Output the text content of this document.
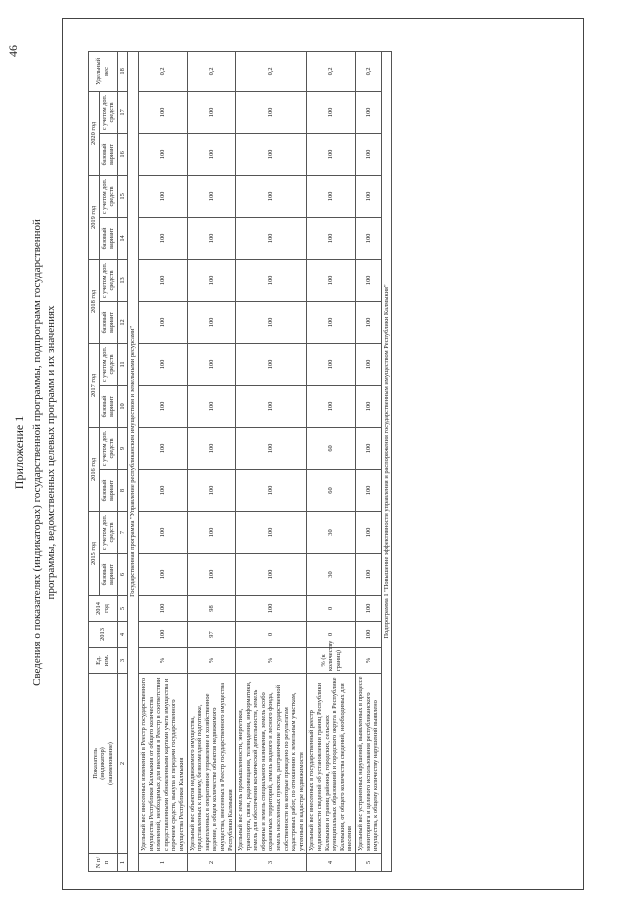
46
Приложение 1 Сведения о показателях (индикаторах) государственной программы, подпрограмм государственной программы, ведомственных целевых программ и их значениях
N п/п	Показатель (индикатор) (наименование)	Ед. изм.	2013	2014 год	2015 год		2016 год		2017 год		2018 год		2019 год		2020 год		Удельный вес
					базовый вариант	с учетом доп. средств	базовый вариант	с учетом доп. средств	базовый вариант	с учетом доп. средств	базовый вариант	с учетом доп. средств	базовый вариант	с учетом доп. средств	базовый вариант	с учетом доп. средств	
1	2	3	4	5	6	7	8	9	10	11	12	13	14	15	16	17	18
Государственная программа "Управление республиканским имуществом и земельными ресурсами"																	
1	Удельный вес внесенных изменений в Реестр государственного имущества Республики Калмыкия от общего количества изменений, необходимых для внесения в Реестр в соответствии с представленными обновленными картами учета имущества и перечнем средств, выкупа и передачи государственного имущества Республики Калмыкия	%	100	100	100	100	100	100	100	100	100	100	100	100	100	100	0,2
2	Удельный вес объектов недвижимого имущества, представленных к приему, безвозмездной подготовке, закрепленных в оперативное управление и хозяйственное ведение, в общем количестве объектов недвижимого имущества, внесенных в Реестр государственного имущества Республики Калмыкия	%	97	98	100	100	100	100	100	100	100	100	100	100	100	100	0,2
3	Удельный вес земель промышленности, энергетики, транспорта, связи, радиовещания, телевидения, информатики, земель для обеспечения космической деятельности, земель обороны и земель специального назначения, земель особо охраняемых территорий, земель водного и лесного фонда, земель населенных пунктов, разграничение государственной собственности на которые проведено по результатам кадастровых работ, по отношению к земельным участкам, учтенным в кадастре недвижимости	%	0	100	100	100	100	100	100	100	100	100	100	100	100	100	0,2
4	Удельный вес внесенных в государственный реестр недвижимости сведений об установлении границ Республики Калмыкия и границ районов, городских, сельских муниципальных образований и городского округа в Республике Калмыкия, от общего количества сведений, необходимых для внесения	% (к количеству границ)	0	0	30	30	60	60	100	100	100	100	100	100	100	100	0,2
5	Удельный вес устраненных нарушений, выявленных в процессе мониторинга и целевого использования республиканского имущества, к общему количеству нарушений выявлено	%	100	100	100	100	100	100	100	100	100	100	100	100	100	100	0,2
Подпрограмма 1 "Повышение эффективности управления и распоряжения государственным имуществом Республики Калмыкия"																	
